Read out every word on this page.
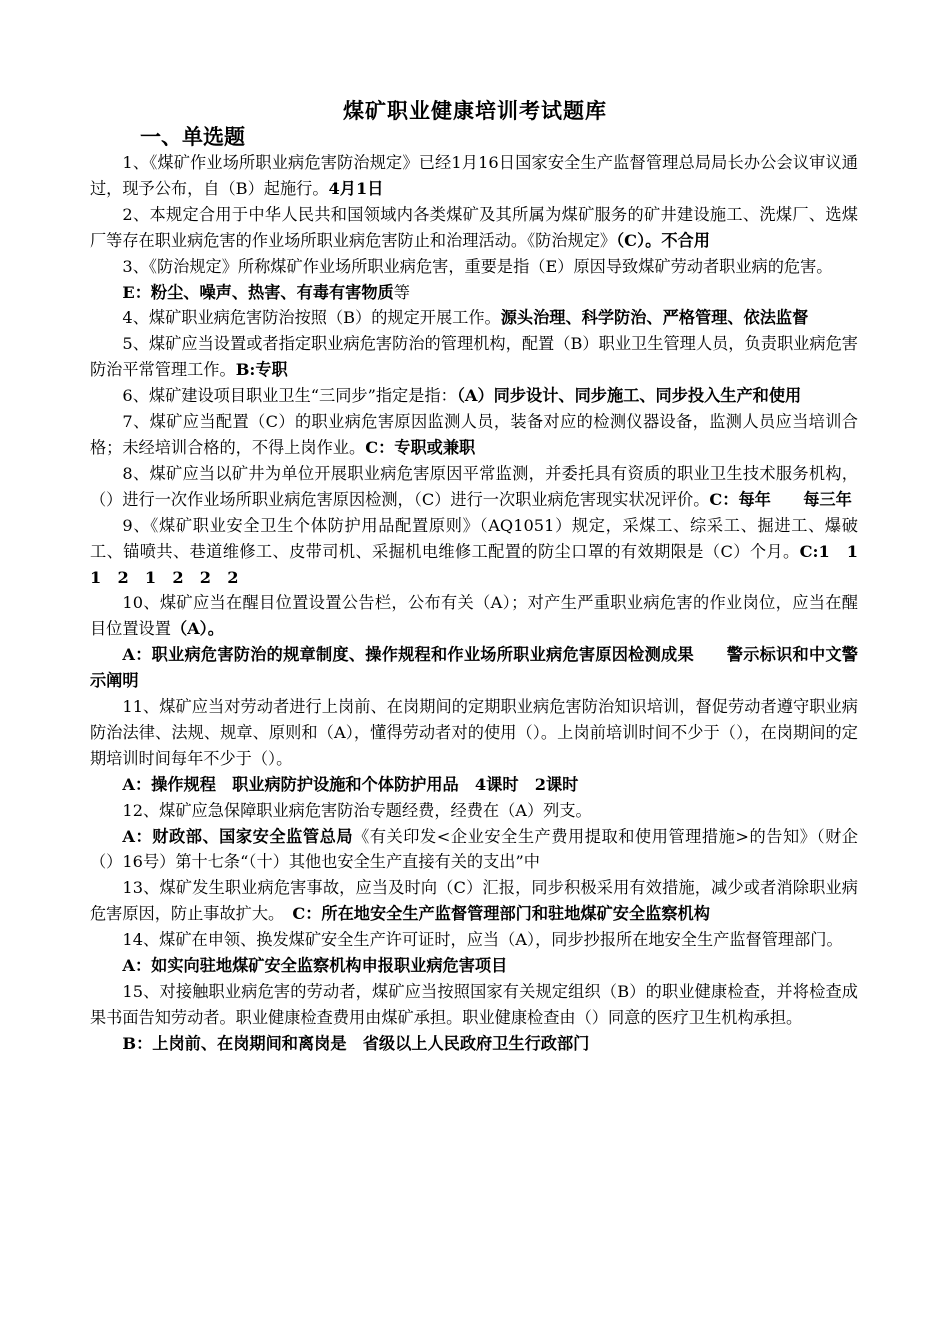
煤矿职业健康培训考试题库
一、单选题

1、《煤矿作业场所职业病危害防治规定》已经1月16日国家安全生产监督管理总局局长办公会议审议通过，现予公布，自（B）起施行。4月1日

2、本规定合用于中华人民共和国领域内各类煤矿及其所属为煤矿服务的矿井建设施工、洗煤厂、选煤厂等存在职业病危害的作业场所职业病危害防止和治理活动。《防治规定》（C）。不合用

3、《防治规定》所称煤矿作业场所职业病危害，重要是指（E）原因导致煤矿劳动者职业病的危害。

E：粉尘、噪声、热害、有毒有害物质等

4、煤矿职业病危害防治按照（B）的规定开展工作。源头治理、科学防治、严格管理、依法监督

5、煤矿应当设置或者指定职业病危害防治的管理机构，配置（B）职业卫生管理人员，负责职业病危害防治平常管理工作。B:专职

6、煤矿建设项目职业卫生“三同步”指定是指：（A）同步设计、同步施工、同步投入生产和使用

7、煤矿应当配置（C）的职业病危害原因监测人员，装备对应的检测仪器设备，监测人员应当培训合格；未经培训合格的，不得上岗作业。C：专职或兼职

8、煤矿应当以矿井为单位开展职业病危害原因平常监测，并委托具有资质的职业卫生技术服务机构，（）进行一次作业场所职业病危害原因检测，（C）进行一次职业病危害现实状况评价。C：每年　　每三年

9、《煤矿职业安全卫生个体防护用品配置原则》（AQ1051）规定，采煤工、综采工、掘进工、爆破工、锚喷共、巷道维修工、皮带司机、采掘机电维修工配置的防尘口罩的有效期限是（C）个月。C:1　1　1　2　1　2　2　2

10、煤矿应当在醒目位置设置公告栏，公布有关（A）；对产生严重职业病危害的作业岗位，应当在醒目位置设置（A）。

A：职业病危害防治的规章制度、操作规程和作业场所职业病危害原因检测成果　　警示标识和中文警示阐明

11、煤矿应当对劳动者进行上岗前、在岗期间的定期职业病危害防治知识培训，督促劳动者遵守职业病防治法律、法规、规章、原则和（A），懂得劳动者对的使用（）。上岗前培训时间不少于（），在岗期间的定期培训时间每年不少于（）。

A：操作规程　职业病防护设施和个体防护用品　4课时　2课时

12、煤矿应急保障职业病危害防治专题经费，经费在（A）列支。

A：财政部、国家安全监管总局《有关印发<企业安全生产费用提取和使用管理措施>的告知》（财企（）16号）第十七条“（十）其他也安全生产直接有关的支出”中

13、煤矿发生职业病危害事故，应当及时向（C）汇报，同步积极采用有效措施，减少或者消除职业病危害原因，防止事故扩大。　C：所在地安全生产监督管理部门和驻地煤矿安全监察机构

14、煤矿在申领、换发煤矿安全生产许可证时，应当（A），同步抄报所在地安全生产监督管理部门。

A：如实向驻地煤矿安全监察机构申报职业病危害项目

15、对接触职业病危害的劳动者，煤矿应当按照国家有关规定组织（B）的职业健康检查，并将检查成果书面告知劳动者。职业健康检查费用由煤矿承担。职业健康检查由（）同意的医疗卫生机构承担。

B：上岗前、在岗期间和离岗是　省级以上人民政府卫生行政部门
